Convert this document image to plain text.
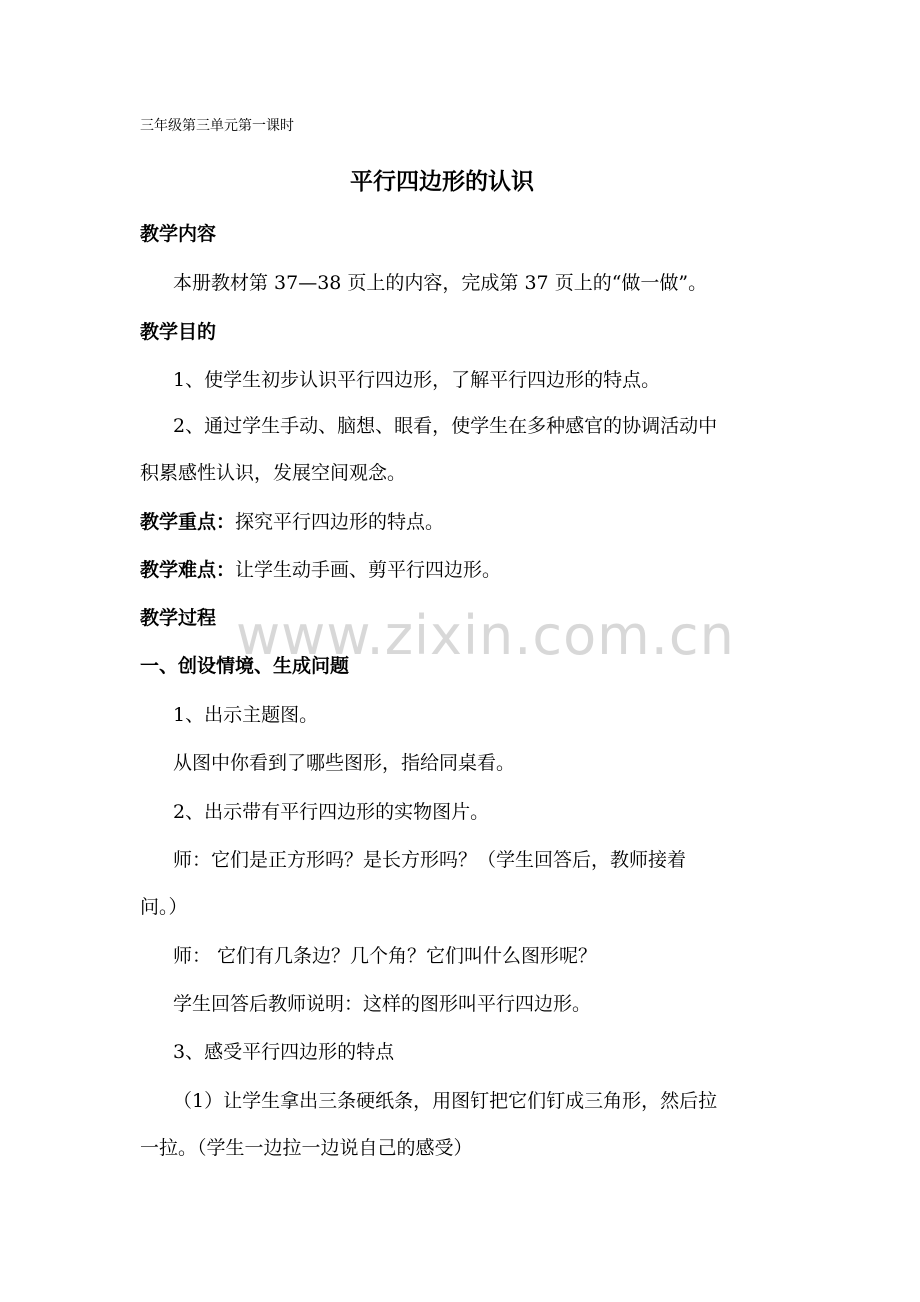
三年级第三单元第一课时
平行四边形的认识
教学内容
本册教材第 37—38 页上的内容，完成第 37 页上的“做一做”。
教学目的
1、使学生初步认识平行四边形，了解平行四边形的特点。
2、通过学生手动、脑想、眼看，使学生在多种感官的协调活动中
积累感性认识，发展空间观念。
教学重点：探究平行四边形的特点。
教学难点：让学生动手画、剪平行四边形。
教学过程
一、创设情境、生成问题
1、出示主题图。
从图中你看到了哪些图形，指给同桌看。
2、出示带有平行四边形的实物图片。
师：它们是正方形吗？是长方形吗？（学生回答后，教师接着
问。）
师： 它们有几条边？几个角？它们叫什么图形呢？
学生回答后教师说明：这样的图形叫平行四边形。
3、感受平行四边形的特点
（1）让学生拿出三条硬纸条，用图钉把它们钉成三角形，然后拉
一拉。（学生一边拉一边说自己的感受）
www.zixin.com.cn
